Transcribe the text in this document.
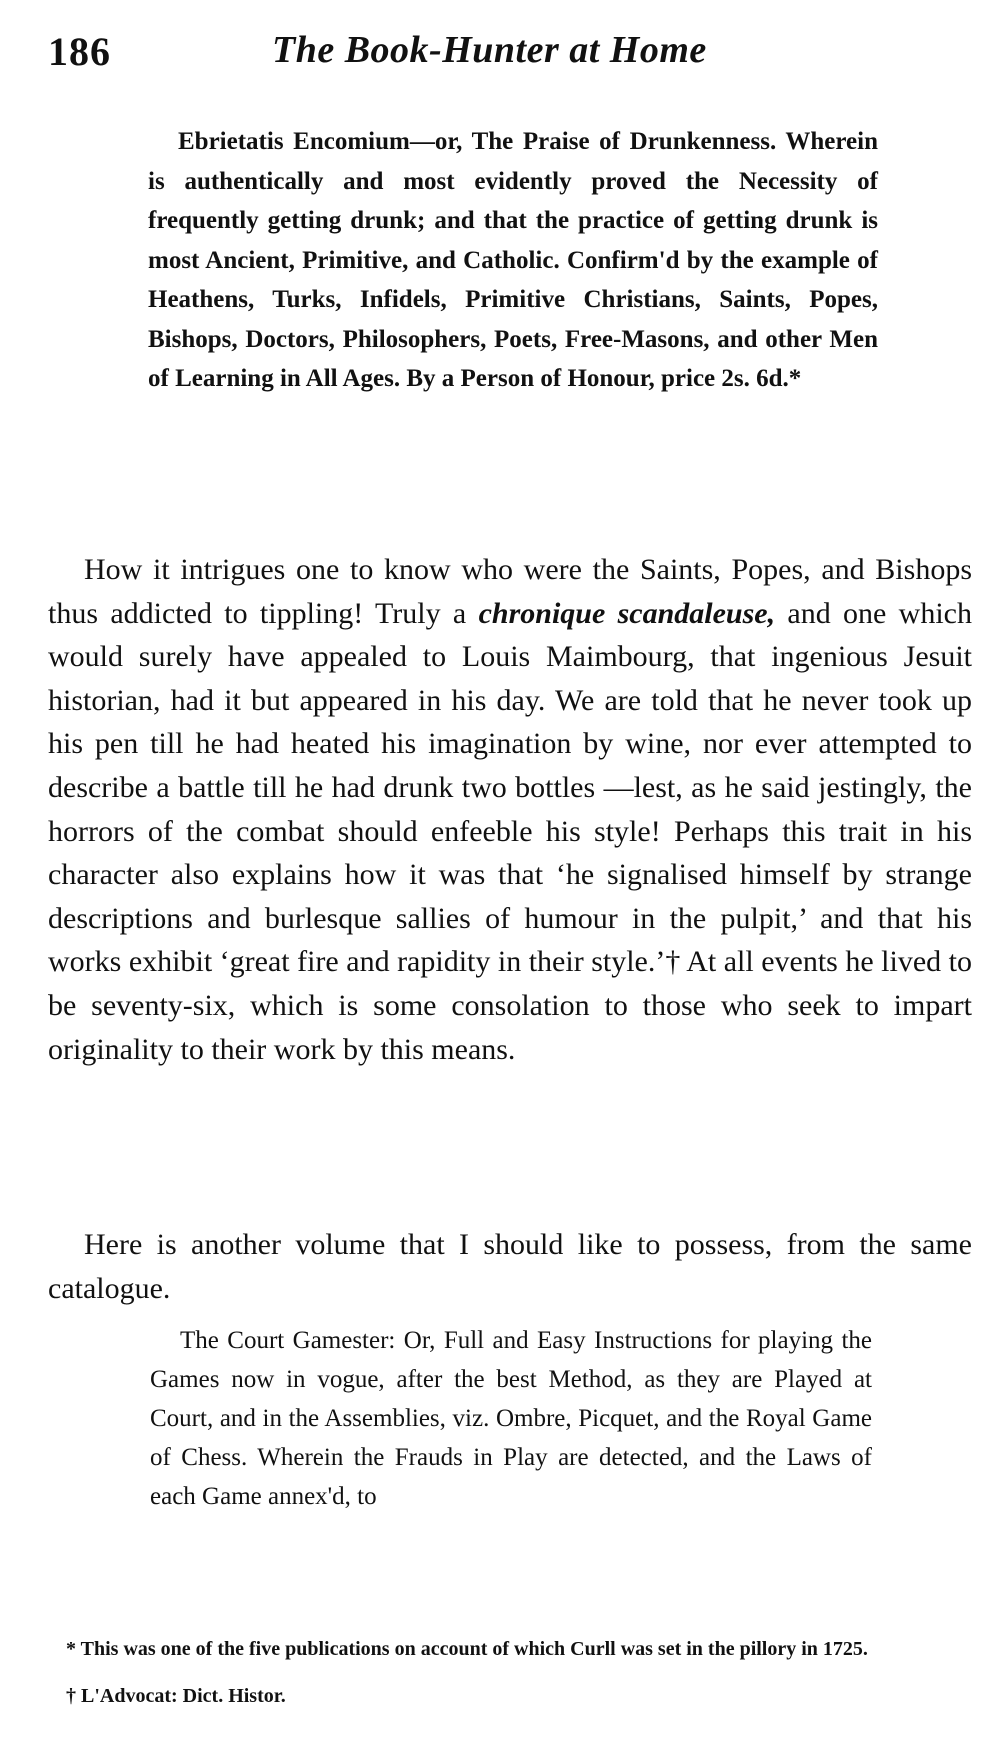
186	The Book-Hunter at Home
Ebrietatis Encomium—or, The Praise of Drunkenness. Wherein is authentically and most evidently proved the Necessity of frequently getting drunk; and that the practice of getting drunk is most Ancient, Primitive, and Catholic. Confirm'd by the example of Heathens, Turks, Infidels, Primitive Christians, Saints, Popes, Bishops, Doctors, Philosophers, Poets, Free-Masons, and other Men of Learning in All Ages. By a Person of Honour, price 2s. 6d.*

How it intrigues one to know who were the Saints, Popes, and Bishops thus addicted to tippling! Truly a chronique scandaleuse, and one which would surely have appealed to Louis Maimbourg, that ingenious Jesuit historian, had it but appeared in his day. We are told that he never took up his pen till he had heated his imagination by wine, nor ever attempted to describe a battle till he had drunk two bottles —lest, as he said jestingly, the horrors of the combat should enfeeble his style! Perhaps this trait in his character also explains how it was that ‘he signalised himself by strange descriptions and burlesque sallies of humour in the pulpit,’ and that his works exhibit ‘great fire and rapidity in their style.’† At all events he lived to be seventy-six, which is some consolation to those who seek to impart originality to their work by this means.

Here is another volume that I should like to possess, from the same catalogue.

The Court Gamester: Or, Full and Easy Instructions for playing the Games now in vogue, after the best Method, as they are Played at Court, and in the Assemblies, viz. Ombre, Picquet, and the Royal Game of Chess. Wherein the Frauds in Play are detected, and the Laws of each Game annex'd, to

* This was one of the five publications on account of which Curll was set in the pillory in 1725.

† L'Advocat: Dict. Histor.
